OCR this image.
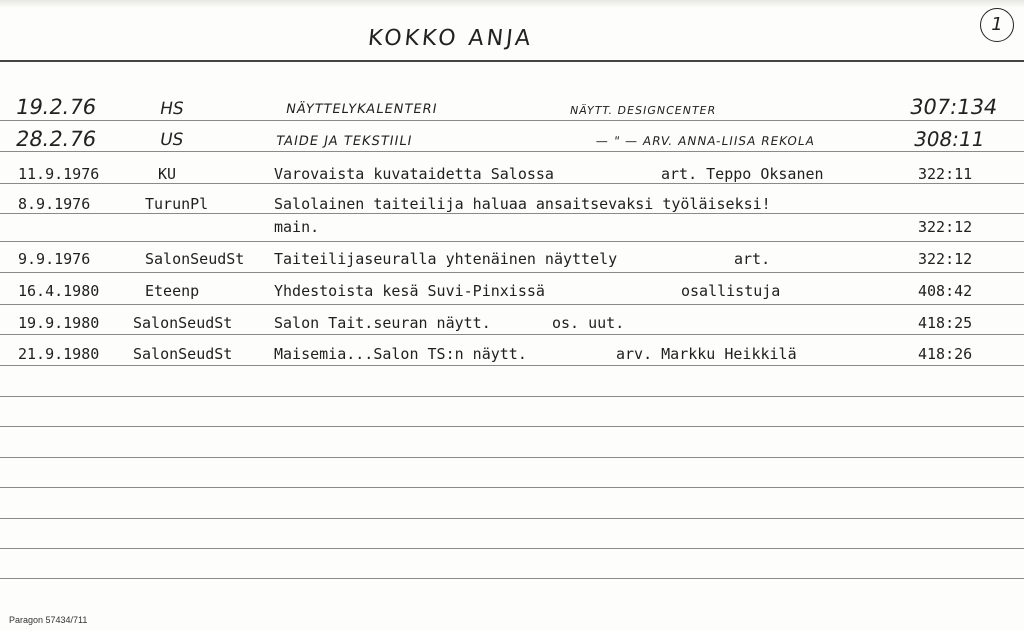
KOKKO ANJA
1
19.2.76	HS	NÄYTTELYKALENTERI	NÄYTT. DESIGNCENTER	307:134
28.2.76	US	TAIDE JA TEKSTIILI	— " — ARV. ANNA-LIISA REKOLA	308:11
11.9.1976	KU	Varovaista kuvataidetta Salossa	art. Teppo Oksanen	322:11
8.9.1976	TurunPl	Salolainen taiteilija haluaa ansaitsevaksi työläiseksi!
main.	322:12
9.9.1976	SalonSeudSt Taiteilijaseuralla yhtenäinen näyttely	art.	322:12
16.4.1980	Eteenp	Yhdestoista kesä Suvi-Pinxissä	osallistuja	408:42
19.9.1980 SalonSeudSt	Salon Tait.seuran näytt.	os. uut.	418:25
21.9.1980 SalonSeudSt	Maisemia...Salon TS:n näytt.	arv. Markku Heikkilä	418:26
Paragon 57434/711
